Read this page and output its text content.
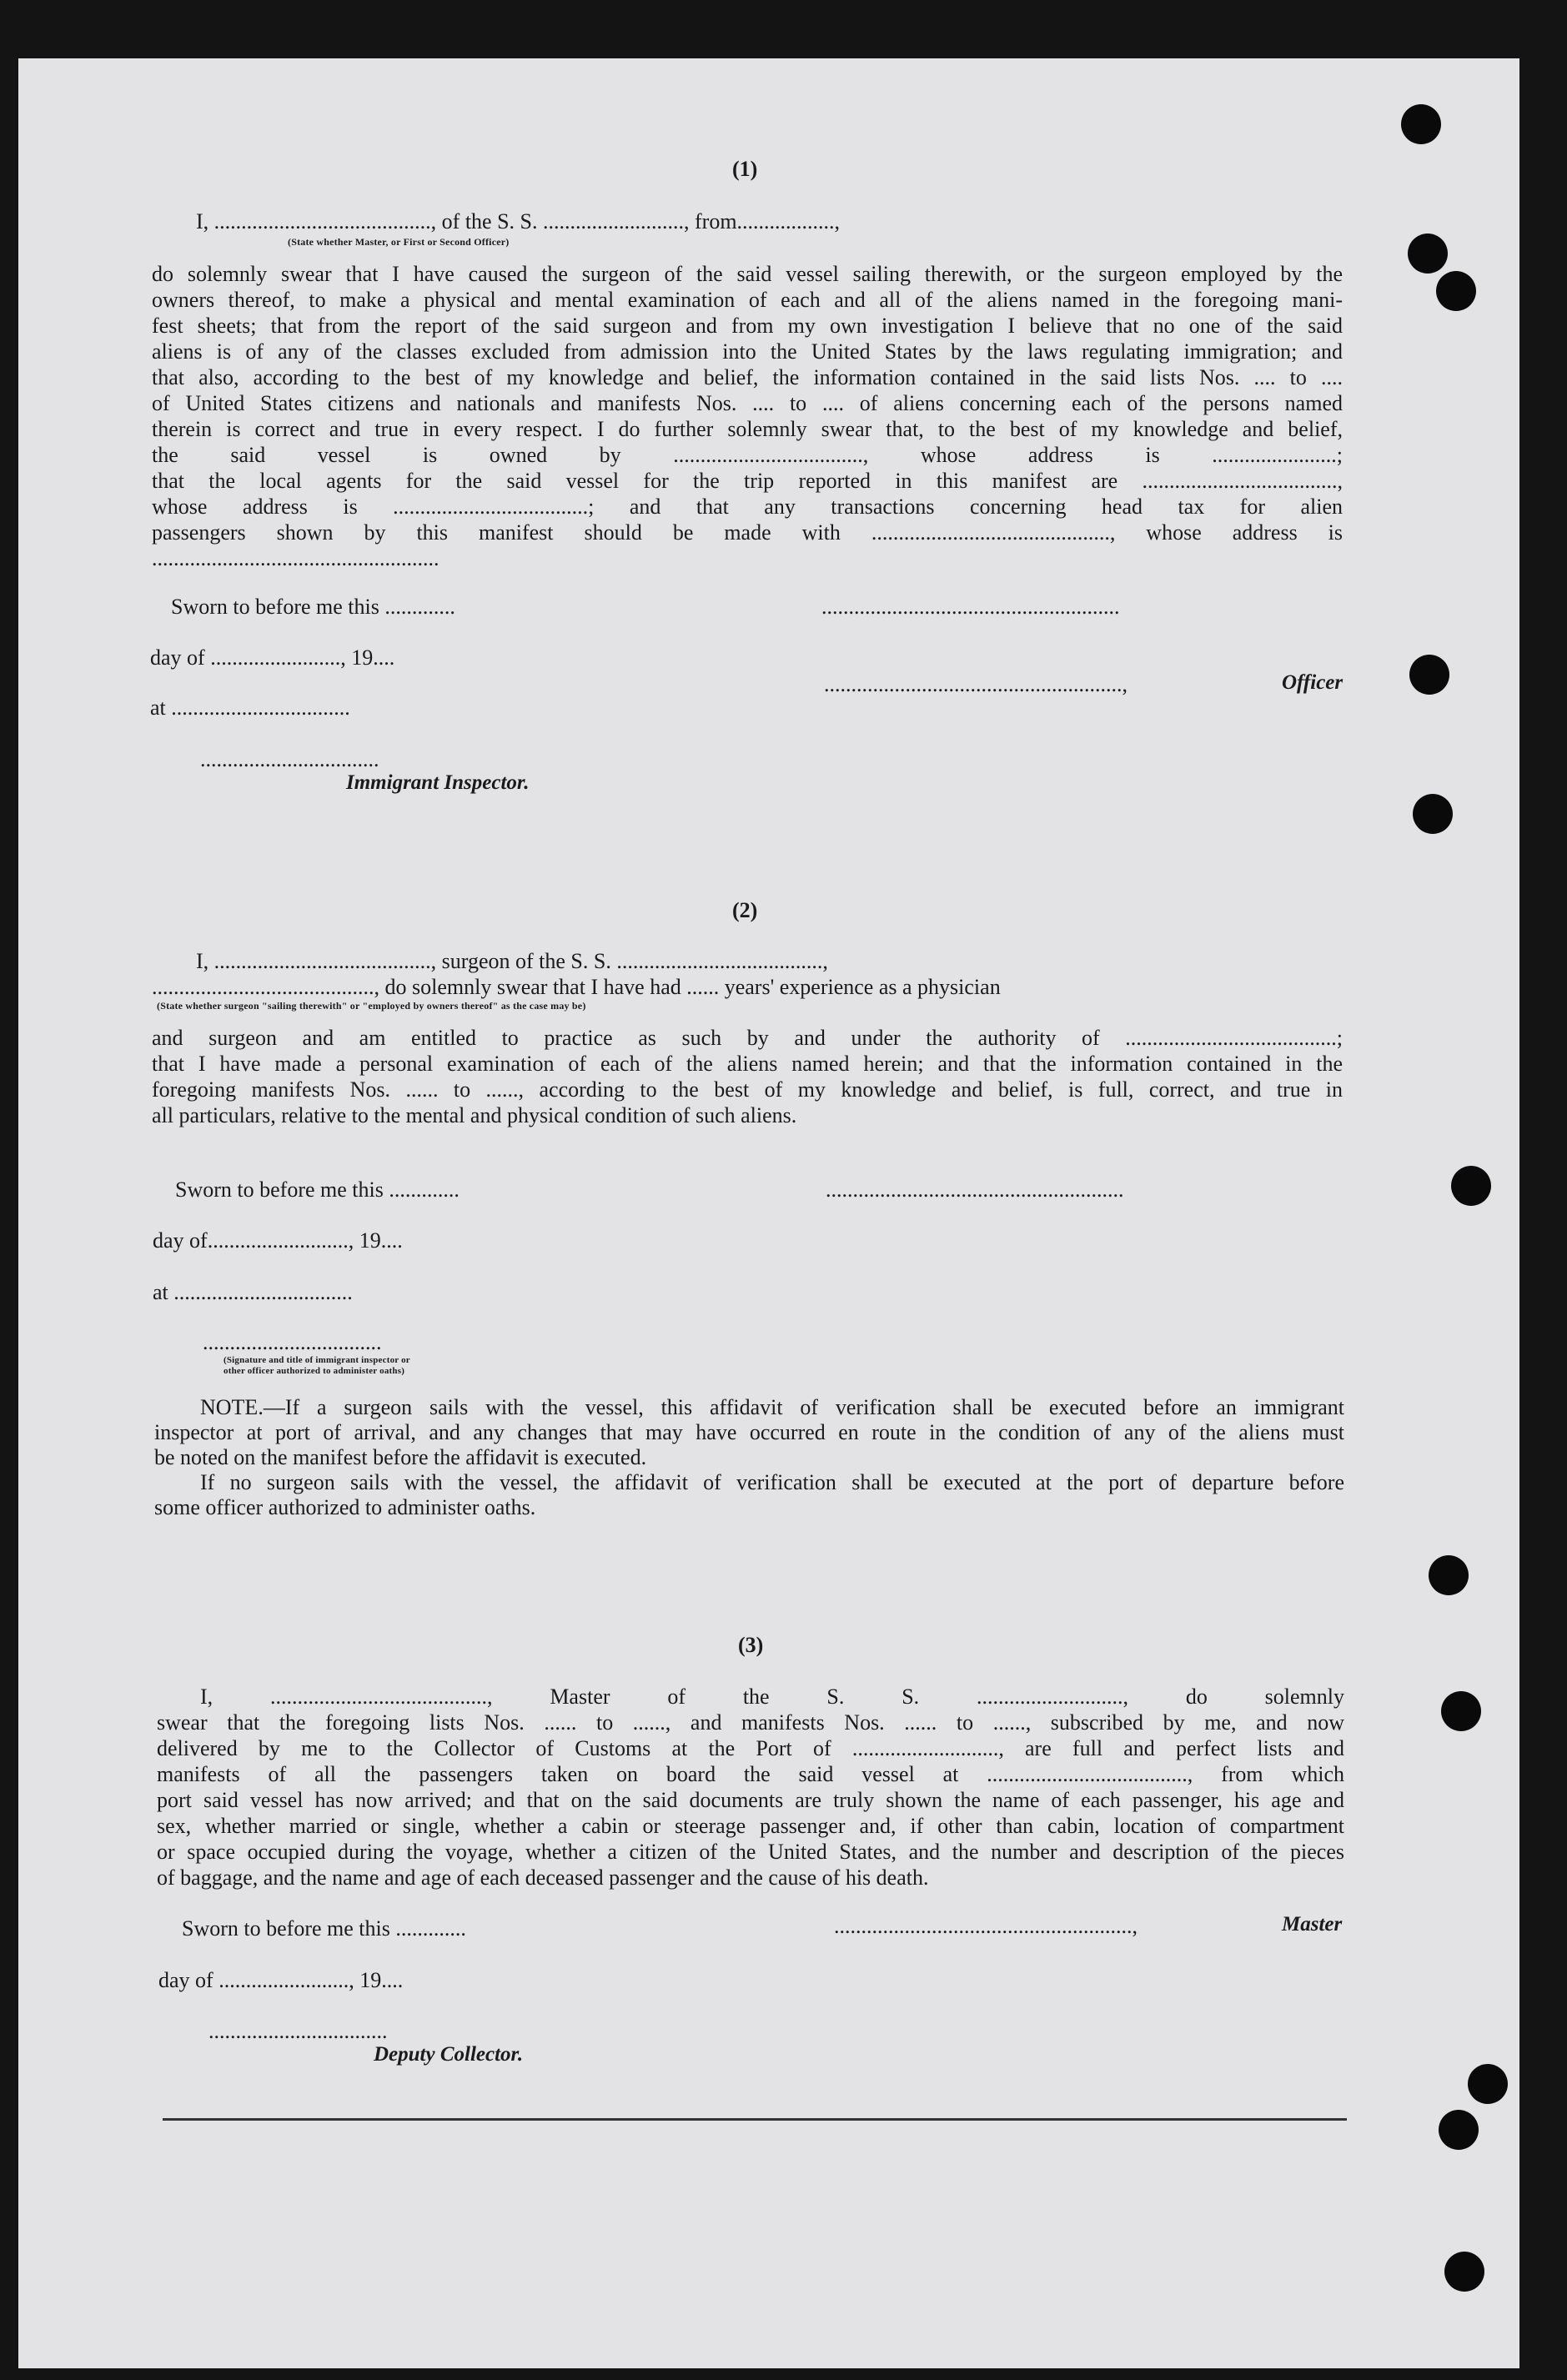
(1)
I, ........................................, of the S. S. .........................., from..................,
(State whether Master, or First or Second Officer)
do solemnly swear that I have caused the surgeon of the said vessel sailing therewith, or the surgeon employed by the
owners thereof, to make a physical and mental examination of each and all of the aliens named in the foregoing mani-
fest sheets; that from the report of the said surgeon and from my own investigation I believe that no one of the said
aliens is of any of the classes excluded from admission into the United States by the laws regulating immigration; and
that also, according to the best of my knowledge and belief, the information contained in the said lists Nos. .... to ....
of United States citizens and nationals and manifests Nos. .... to .... of aliens concerning each of the persons named
therein is correct and true in every respect. I do further solemnly swear that, to the best of my knowledge and belief,
the said vessel is owned by ..................................., whose address is .......................;
that the local agents for the said vessel for the trip reported in this manifest are ....................................,
whose address is ....................................; and that any transactions concerning head tax for alien
passengers shown by this manifest should be made with ............................................, whose address is
.....................................................
Sworn to before me this .............	.......................................................
day of ........................, 19....
.......................................................,	Officer
at .................................
.................................
Immigrant Inspector.
(2)
I, ........................................, surgeon of the S. S. ......................................,
........................................., do solemnly swear that I have had ...... years' experience as a physician
(State whether surgeon "sailing therewith" or "employed by owners thereof" as the case may be)
and surgeon and am entitled to practice as such by and under the authority of .......................................;
that I have made a personal examination of each of the aliens named herein; and that the information contained in the
foregoing manifests Nos. ...... to ......, according to the best of my knowledge and belief, is full, correct, and true in
all particulars, relative to the mental and physical condition of such aliens.
Sworn to before me this .............	.......................................................
day of.........................., 19....
at .................................
.................................
(Signature and title of immigrant inspector or
other officer authorized to administer oaths)
NOTE.—If a surgeon sails with the vessel, this affidavit of verification shall be executed before an immigrant
inspector at port of arrival, and any changes that may have occurred en route in the condition of any of the aliens must
be noted on the manifest before the affidavit is executed.
If no surgeon sails with the vessel, the affidavit of verification shall be executed at the port of departure before
some officer authorized to administer oaths.
(3)
I, ........................................, Master of the S. S. ..........................., do solemnly
swear that the foregoing lists Nos. ...... to ......, and manifests Nos. ...... to ......, subscribed by me, and now
delivered by me to the Collector of Customs at the Port of ..........................., are full and perfect lists and
manifests of all the passengers taken on board the said vessel at ....................................., from which
port said vessel has now arrived; and that on the said documents are truly shown the name of each passenger, his age and
sex, whether married or single, whether a cabin or steerage passenger and, if other than cabin, location of compartment
or space occupied during the voyage, whether a citizen of the United States, and the number and description of the pieces
of baggage, and the name and age of each deceased passenger and the cause of his death.
Sworn to before me this .............	.......................................................,	Master
day of ........................, 19....
.................................
Deputy Collector.
